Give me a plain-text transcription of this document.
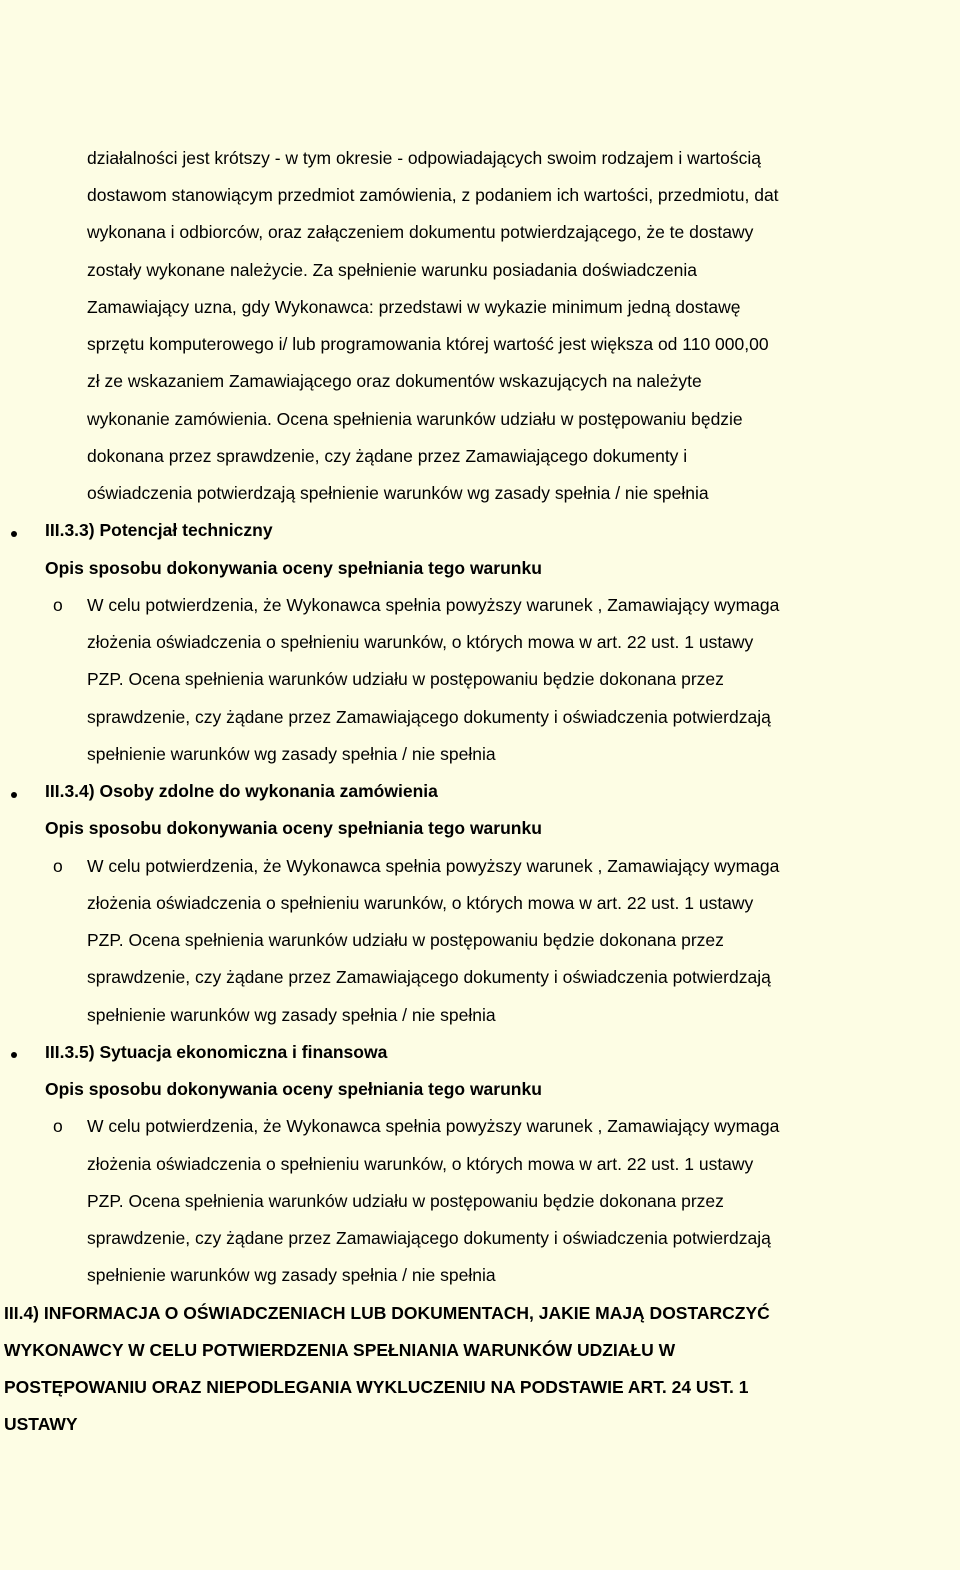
działalności jest krótszy - w tym okresie - odpowiadających swoim rodzajem i wartością
dostawom stanowiącym przedmiot zamówienia, z podaniem ich wartości, przedmiotu, dat
wykonana i odbiorców, oraz załączeniem dokumentu potwierdzającego, że te dostawy
zostały wykonane należycie. Za spełnienie warunku posiadania doświadczenia
Zamawiający uzna, gdy Wykonawca: przedstawi w wykazie minimum jedną dostawę
sprzętu komputerowego i/ lub programowania której wartość jest większa od 110 000,00
zł ze wskazaniem Zamawiającego oraz dokumentów wskazujących na należyte
wykonanie zamówienia. Ocena spełnienia warunków udziału w postępowaniu będzie
dokonana przez sprawdzenie, czy żądane przez Zamawiającego dokumenty i
oświadczenia potwierdzają spełnienie warunków wg zasady spełnia / nie spełnia
III.3.3) Potencjał techniczny
Opis sposobu dokonywania oceny spełniania tego warunku
o W celu potwierdzenia, że Wykonawca spełnia powyższy warunek , Zamawiający wymaga
złożenia oświadczenia o spełnieniu warunków, o których mowa w art. 22 ust. 1 ustawy
PZP. Ocena spełnienia warunków udziału w postępowaniu będzie dokonana przez
sprawdzenie, czy żądane przez Zamawiającego dokumenty i oświadczenia potwierdzają
spełnienie warunków wg zasady spełnia / nie spełnia
III.3.4) Osoby zdolne do wykonania zamówienia
Opis sposobu dokonywania oceny spełniania tego warunku
o W celu potwierdzenia, że Wykonawca spełnia powyższy warunek , Zamawiający wymaga
złożenia oświadczenia o spełnieniu warunków, o których mowa w art. 22 ust. 1 ustawy
PZP. Ocena spełnienia warunków udziału w postępowaniu będzie dokonana przez
sprawdzenie, czy żądane przez Zamawiającego dokumenty i oświadczenia potwierdzają
spełnienie warunków wg zasady spełnia / nie spełnia
III.3.5) Sytuacja ekonomiczna i finansowa
Opis sposobu dokonywania oceny spełniania tego warunku
o W celu potwierdzenia, że Wykonawca spełnia powyższy warunek , Zamawiający wymaga
złożenia oświadczenia o spełnieniu warunków, o których mowa w art. 22 ust. 1 ustawy
PZP. Ocena spełnienia warunków udziału w postępowaniu będzie dokonana przez
sprawdzenie, czy żądane przez Zamawiającego dokumenty i oświadczenia potwierdzają
spełnienie warunków wg zasady spełnia / nie spełnia
III.4) INFORMACJA O OŚWIADCZENIACH LUB DOKUMENTACH, JAKIE MAJĄ DOSTARCZYĆ
WYKONAWCY W CELU POTWIERDZENIA SPEŁNIANIA WARUNKÓW UDZIAŁU W
POSTĘPOWANIU ORAZ NIEPODLEGANIA WYKLUCZENIU NA PODSTAWIE ART. 24 UST. 1
USTAWY
